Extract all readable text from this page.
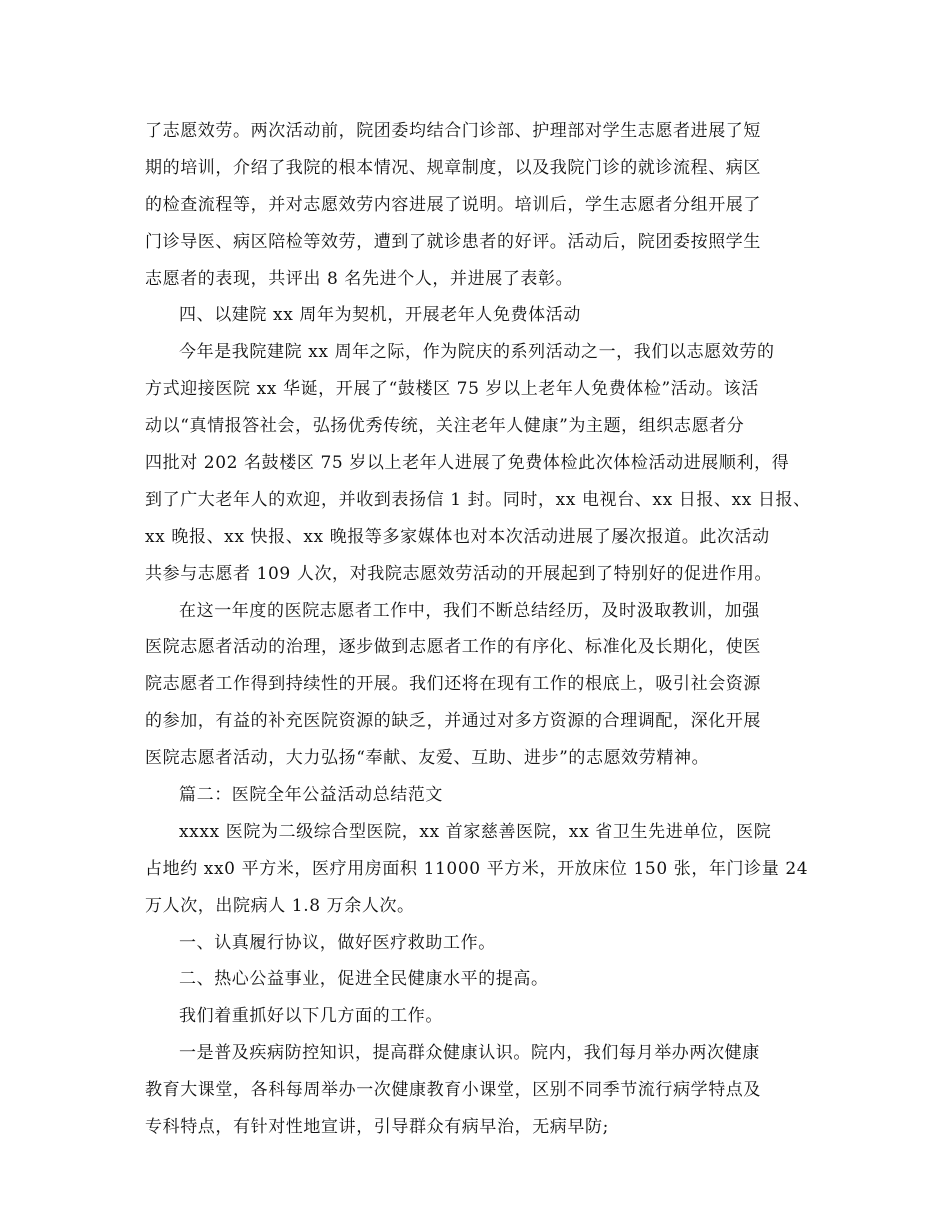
了志愿效劳。两次活动前，院团委均结合门诊部、护理部对学生志愿者进展了短
期的培训，介绍了我院的根本情况、规章制度，以及我院门诊的就诊流程、病区
的检查流程等，并对志愿效劳内容进展了说明。培训后，学生志愿者分组开展了
门诊导医、病区陪检等效劳，遭到了就诊患者的好评。活动后，院团委按照学生
志愿者的表现，共评出 8 名先进个人，并进展了表彰。
四、以建院 xx 周年为契机，开展老年人免费体活动
今年是我院建院 xx 周年之际，作为院庆的系列活动之一，我们以志愿效劳的
方式迎接医院 xx 华诞，开展了“鼓楼区 75 岁以上老年人免费体检”活动。该活
动以“真情报答社会，弘扬优秀传统，关注老年人健康”为主题，组织志愿者分
四批对 202 名鼓楼区 75 岁以上老年人进展了免费体检此次体检活动进展顺利，得
到了广大老年人的欢迎，并收到表扬信 1 封。同时，xx 电视台、xx 日报、xx 日报、
xx 晚报、xx 快报、xx 晚报等多家媒体也对本次活动进展了屡次报道。此次活动
共参与志愿者 109 人次，对我院志愿效劳活动的开展起到了特别好的促进作用。
在这一年度的医院志愿者工作中，我们不断总结经历，及时汲取教训，加强
医院志愿者活动的治理，逐步做到志愿者工作的有序化、标准化及长期化，使医
院志愿者工作得到持续性的开展。我们还将在现有工作的根底上，吸引社会资源
的参加，有益的补充医院资源的缺乏，并通过对多方资源的合理调配，深化开展
医院志愿者活动，大力弘扬“奉献、友爱、互助、进步”的志愿效劳精神。
篇二：医院全年公益活动总结范文
xxxx 医院为二级综合型医院，xx 首家慈善医院，xx 省卫生先进单位，医院
占地约 xx0 平方米，医疗用房面积 11000 平方米，开放床位 150 张，年门诊量 24
万人次，出院病人 1.8 万余人次。
一、认真履行协议，做好医疗救助工作。
二、热心公益事业，促进全民健康水平的提高。
我们着重抓好以下几方面的工作。
一是普及疾病防控知识，提高群众健康认识。院内，我们每月举办两次健康
教育大课堂，各科每周举办一次健康教育小课堂，区别不同季节流行病学特点及
专科特点，有针对性地宣讲，引导群众有病早治，无病早防;
